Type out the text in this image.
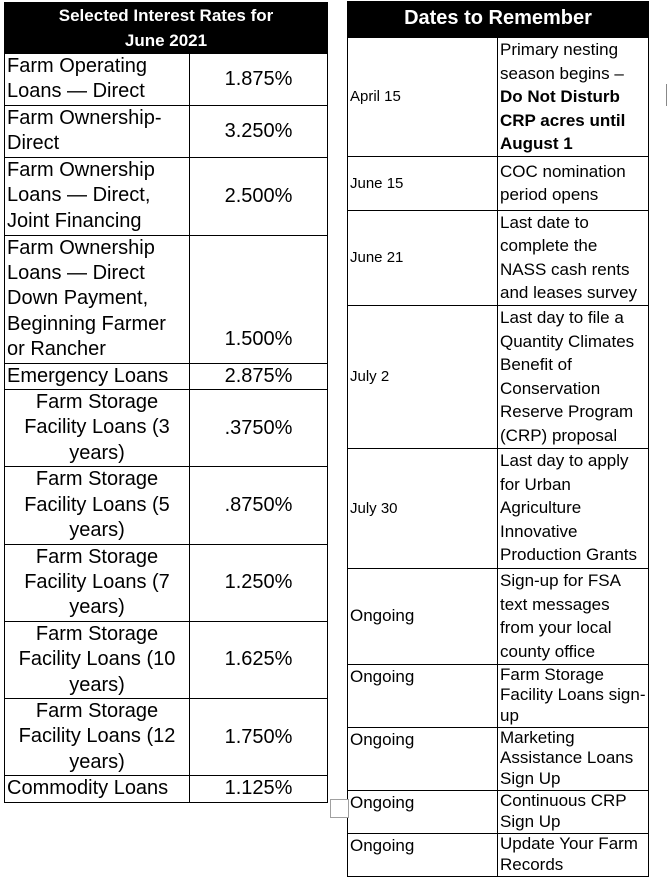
Selected Interest Rates for
June 2021
Farm Operating Loans — Direct	1.875%
Farm Ownership-Direct	3.250%
Farm Ownership Loans — Direct, Joint Financing	2.500%
Farm Ownership Loans — Direct Down Payment, Beginning Farmer or Rancher	1.500%
Emergency Loans	2.875%
Farm Storage Facility Loans (3 years)	.3750%
Farm Storage Facility Loans (5 years)	.8750%
Farm Storage Facility Loans (7 years)	1.250%
Farm Storage Facility Loans (10 years)	1.625%
Farm Storage Facility Loans (12 years)	1.750%
Commodity Loans	1.125%
Dates to Remember
April 15	Primary nesting season begins – Do Not Disturb CRP acres until August 1
June 15	COC nomination period opens
June 21	Last date to complete the NASS cash rents and leases survey
July 2	Last day to file a Quantity Climates Benefit of Conservation Reserve Program (CRP) proposal
July 30	Last day to apply for Urban Agriculture Innovative Production Grants
Ongoing	Sign-up for FSA text messages from your local county office
Ongoing	Farm Storage Facility Loans sign-up
Ongoing	Marketing Assistance Loans Sign Up
Ongoing	Continuous CRP Sign Up
Ongoing	Update Your Farm Records
